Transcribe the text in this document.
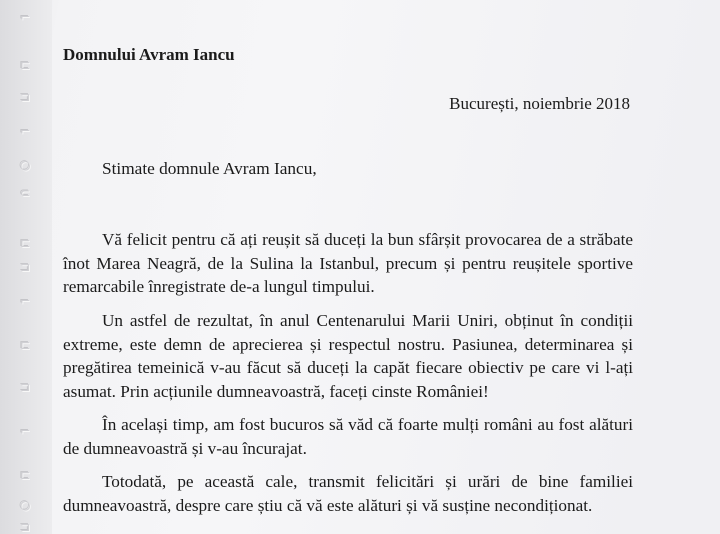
⌐
⊏
⊐
⌐
○
⊂
⊏
⊐
⌐
⊏
⊐
⌐
⊏
○
⊐
Domnului Avram Iancu
București, noiembrie 2018
Stimate domnule Avram Iancu,
Vă felicit pentru că ați reușit să duceți la bun sfârșit provocarea de a străbate înot Marea Neagră, de la Sulina la Istanbul, precum și pentru reușitele sportive remarcabile înregistrate de-a lungul timpului.
Un astfel de rezultat, în anul Centenarului Marii Uniri, obținut în condiții extreme, este demn de aprecierea și respectul nostru. Pasiunea, determinarea și pregătirea temeinică v-au făcut să duceți la capăt fiecare obiectiv pe care vi l-ați asumat. Prin acțiunile dumneavoastră, faceți cinste României!
În același timp, am fost bucuros să văd că foarte mulți români au fost alături de dumneavoastră și v-au încurajat.
Totodată, pe această cale, transmit felicitări și urări de bine familiei dumneavoastră, despre care știu că vă este alături și vă susține necondiționat.
